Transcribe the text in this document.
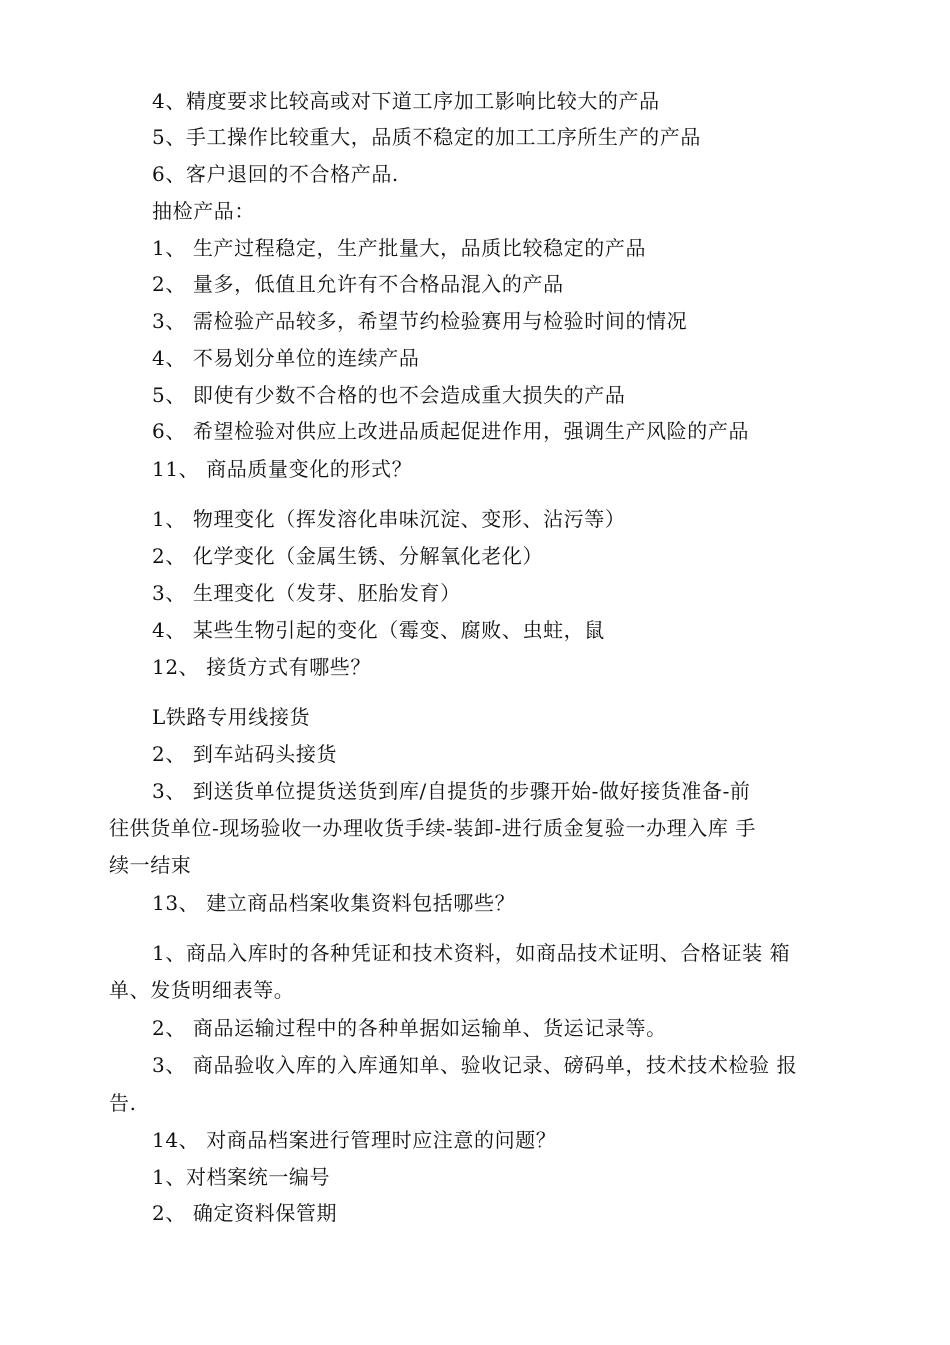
4、精度要求比较高或对下道工序加工影响比较大的产品
5、手工操作比较重大，品质不稳定的加工工序所生产的产品
6、客户退回的不合格产品.
抽检产品：
1、 生产过程稳定，生产批量大，品质比较稳定的产品
2、 量多，低值且允许有不合格品混入的产品
3、 需检验产品较多，希望节约检验赛用与检验时间的情况
4、 不易划分单位的连续产品
5、 即使有少数不合格的也不会造成重大损失的产品
6、 希望检验对供应上改进品质起促进作用，强调生产风险的产品
11、 商品质量变化的形式？
1、 物理变化（挥发溶化串味沉淀、变形、沾污等）
2、 化学变化（金属生锈、分解氧化老化）
3、 生理变化（发芽、胚胎发育）
4、 某些生物引起的变化（霉变、腐败、虫蛀，鼠
12、 接货方式有哪些？
L铁路专用线接货
2、 到车站码头接货
3、 到送货单位提货送货到库/自提货的步骤开始-做好接货准备-前
往供货单位-现场验收一办理收货手续-装卸-进行质金复验一办理入库 手
续一结束
13、 建立商品档案收集资料包括哪些？
1、商品入库时的各种凭证和技术资料，如商品技术证明、合格证装 箱
单、发货明细表等。
2、 商品运输过程中的各种单据如运输单、货运记录等。
3、 商品验收入库的入库通知单、验收记录、磅码单，技术技术检验 报
告.
14、 对商品档案进行管理时应注意的问题？
1、对档案统一编号
2、 确定资料保管期
